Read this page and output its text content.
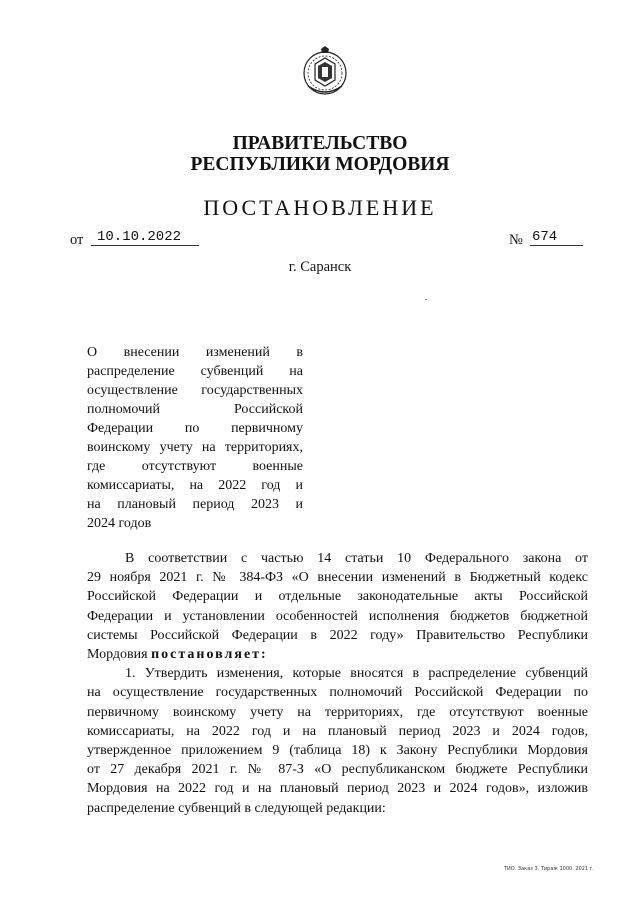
ПРАВИТЕЛЬСТВО
РЕСПУБЛИКИ МОРДОВИЯ
ПОСТАНОВЛЕНИЕ
от 10.10.2022	№ 674
г. Саранск
О внесении изменений в
распределение субвенций на
осуществление государственных
полномочий Российской
Федерации по первичному
воинскому учету на территориях,
где отсутствуют военные
комиссариаты, на 2022 год и
на плановый период 2023 и
2024 годов
В соответствии с частью 14 статьи 10 Федерального закона от
29 ноября 2021 г. № 384-ФЗ «О внесении изменений в Бюджетный кодекс
Российской Федерации и отдельные законодательные акты Российской
Федерации и установлении особенностей исполнения бюджетов бюджетной
системы Российской Федерации в 2022 году» Правительство Республики
Мордовия постановляет:
1. Утвердить изменения, которые вносятся в распределение субвенций
на осуществление государственных полномочий Российской Федерации по
первичному воинскому учету на территориях, где отсутствуют военные
комиссариаты, на 2022 год и на плановый период 2023 и 2024 годов,
утвержденное приложением 9 (таблица 18) к Закону Республики Мордовия
от 27 декабря 2021 г. № 87-З «О республиканском бюджете Республики
Мордовия на 2022 год и на плановый период 2023 и 2024 годов», изложив
распределение субвенций в следующей редакции:
ТИО. Заказ 3. Тираж 1000. 2021 г.
